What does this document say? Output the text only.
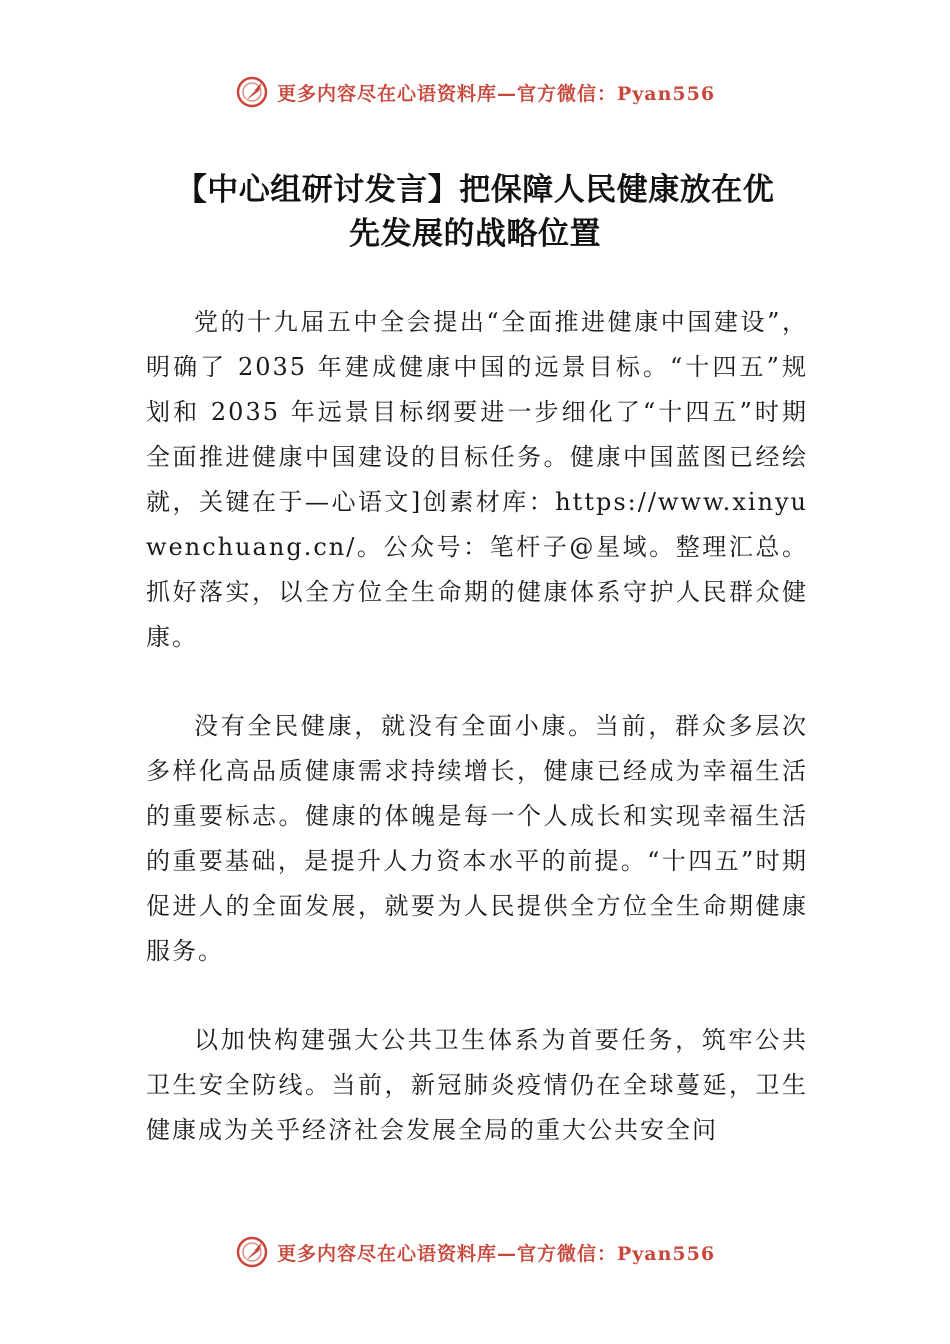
更多内容尽在心语资料库—官方微信：Pyan556
【中心组研讨发言】把保障人民健康放在优
先发展的战略位置

党的十九届五中全会提出“全面推进健康中国建设”，明确了 2035 年建成健康中国的远景目标。“十四五”规划和 2035 年远景目标纲要进一步细化了“十四五”时期全面推进健康中国建设的目标任务。健康中国蓝图已经绘就，关键在于—心语文]创素材库：https://www.xinyuwenchuang.cn/。公众号：笔杆子@星域。整理汇总。抓好落实，以全方位全生命期的健康体系守护人民群众健康。

没有全民健康，就没有全面小康。当前，群众多层次多样化高品质健康需求持续增长，健康已经成为幸福生活的重要标志。健康的体魄是每一个人成长和实现幸福生活的重要基础，是提升人力资本水平的前提。“十四五”时期促进人的全面发展，就要为人民提供全方位全生命期健康服务。

以加快构建强大公共卫生体系为首要任务，筑牢公共卫生安全防线。当前，新冠肺炎疫情仍在全球蔓延，卫生健康成为关乎经济社会发展全局的重大公共安全问

更多内容尽在心语资料库—官方微信：Pyan556
